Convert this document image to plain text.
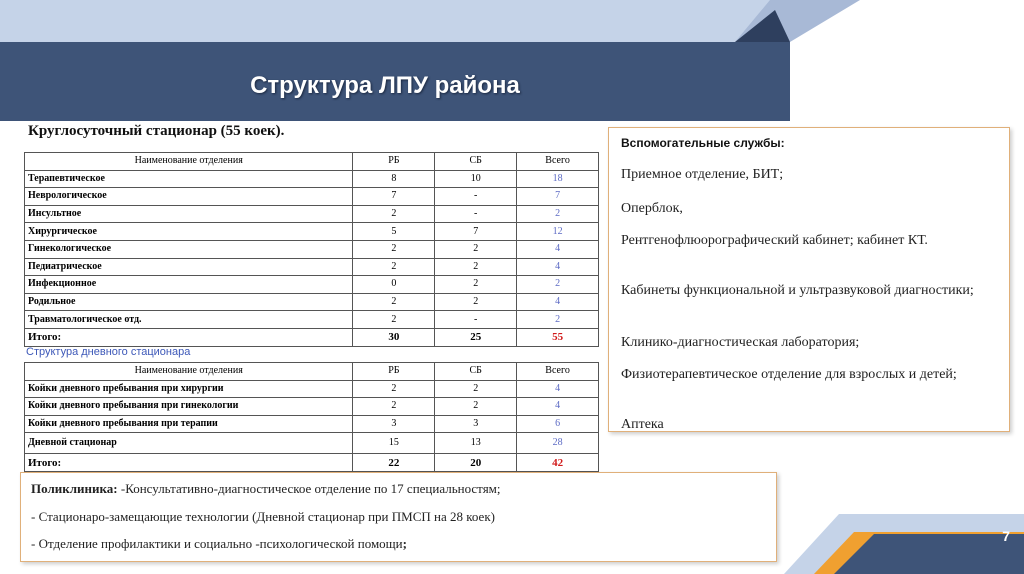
Структура ЛПУ района
Круглосуточный стационар (55 коек).
Наименование отделения	РБ	СБ	Всего
Терапевтическое	8	10	18
Неврологическое	7	-	7
Инсультное	2	-	2
Хирургическое	5	7	12
Гинекологическое	2	2	4
Педиатрическое	2	2	4
Инфекционное	0	2	2
Родильное	2	2	4
Травматологическое отд.	2	-	2
Итого:	30	25	55
Структура дневного стационара
Наименование отделения	РБ	СБ	Всего
Койки дневного пребывания при хирургии	2	2	4
Койки дневного пребывания при гинекологии	2	2	4
Койки дневного пребывания при терапии	3	3	6
Дневной стационар	15	13	28
Итого:	22	20	42
Вспомогательные службы:
Приемное отделение, БИТ;
Оперблок,
Рентгенофлюорографический кабинет; кабинет КТ.
Кабинеты функциональной и ультразвуковой диагностики;
Клинико-диагностическая лаборатория;
Физиотерапевтическое отделение для взрослых и детей;
Аптека
Поликлиника: -Консультативно-диагностическое отделение по 17 специальностям;
- Стационаро-замещающие технологии (Дневной стационар при ПМСП на 28 коек)
- Отделение профилактики и социально -психологической помощи;	7
